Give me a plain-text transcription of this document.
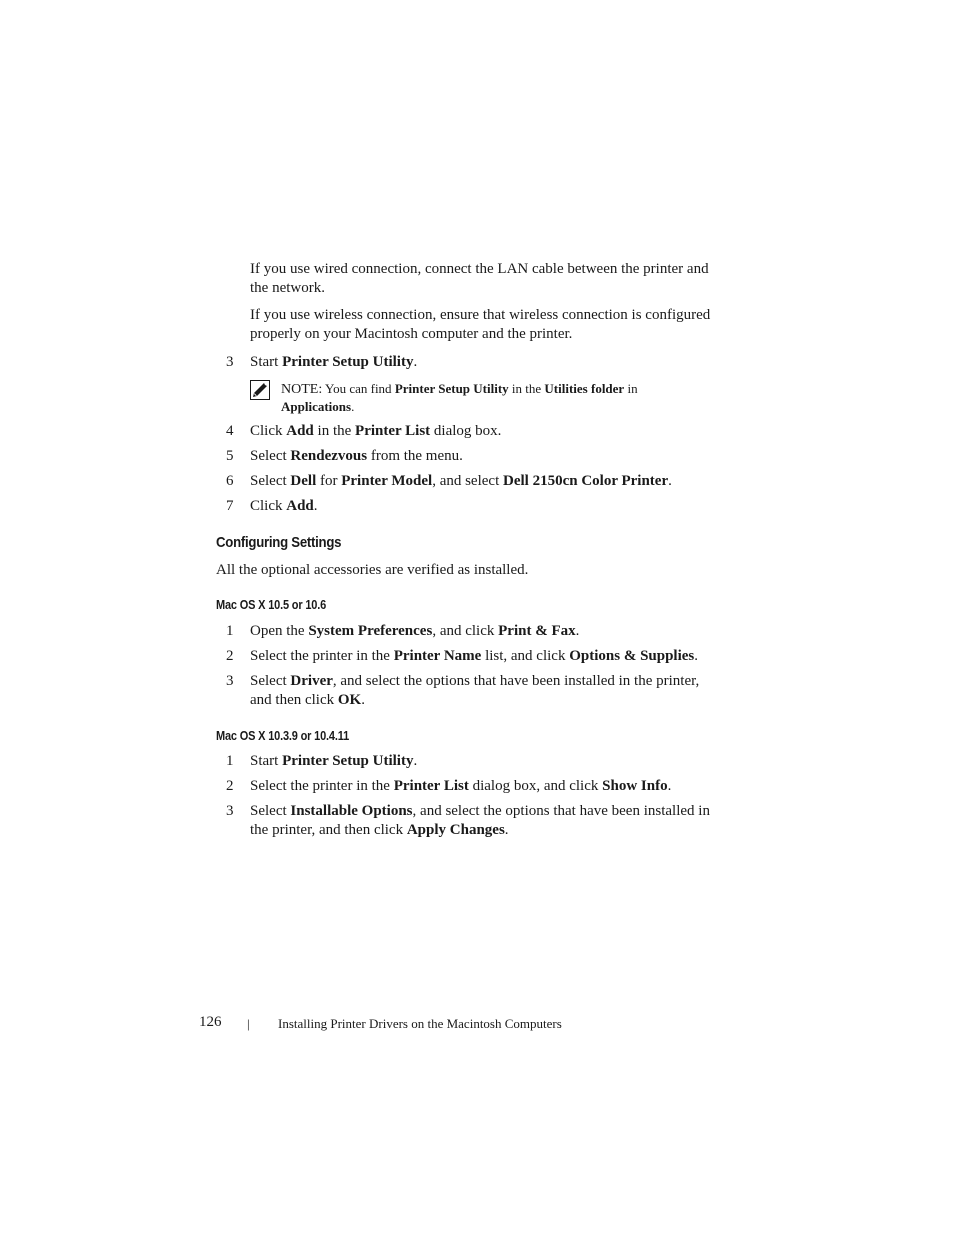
If you use wired connection, connect the LAN cable between the printer and
the network.
If you use wireless connection, ensure that wireless connection is configured
properly on your Macintosh computer and the printer.
3	Start Printer Setup Utility.
NOTE: You can find Printer Setup Utility in the Utilities folder in
Applications.
4	Click Add in the Printer List dialog box.
5	Select Rendezvous from the menu.
6	Select Dell for Printer Model, and select Dell 2150cn Color Printer.
7	Click Add.
Configuring Settings
All the optional accessories are verified as installed.
Mac OS X 10.5 or 10.6
1	Open the System Preferences, and click Print & Fax.
2	Select the printer in the Printer Name list, and click Options & Supplies.
3	Select Driver, and select the options that have been installed in the printer,
and then click OK.
Mac OS X 10.3.9 or 10.4.11
1	Start Printer Setup Utility.
2	Select the printer in the Printer List dialog box, and click Show Info.
3	Select Installable Options, and select the options that have been installed in
the printer, and then click Apply Changes.
126 | Installing Printer Drivers on the Macintosh Computers
